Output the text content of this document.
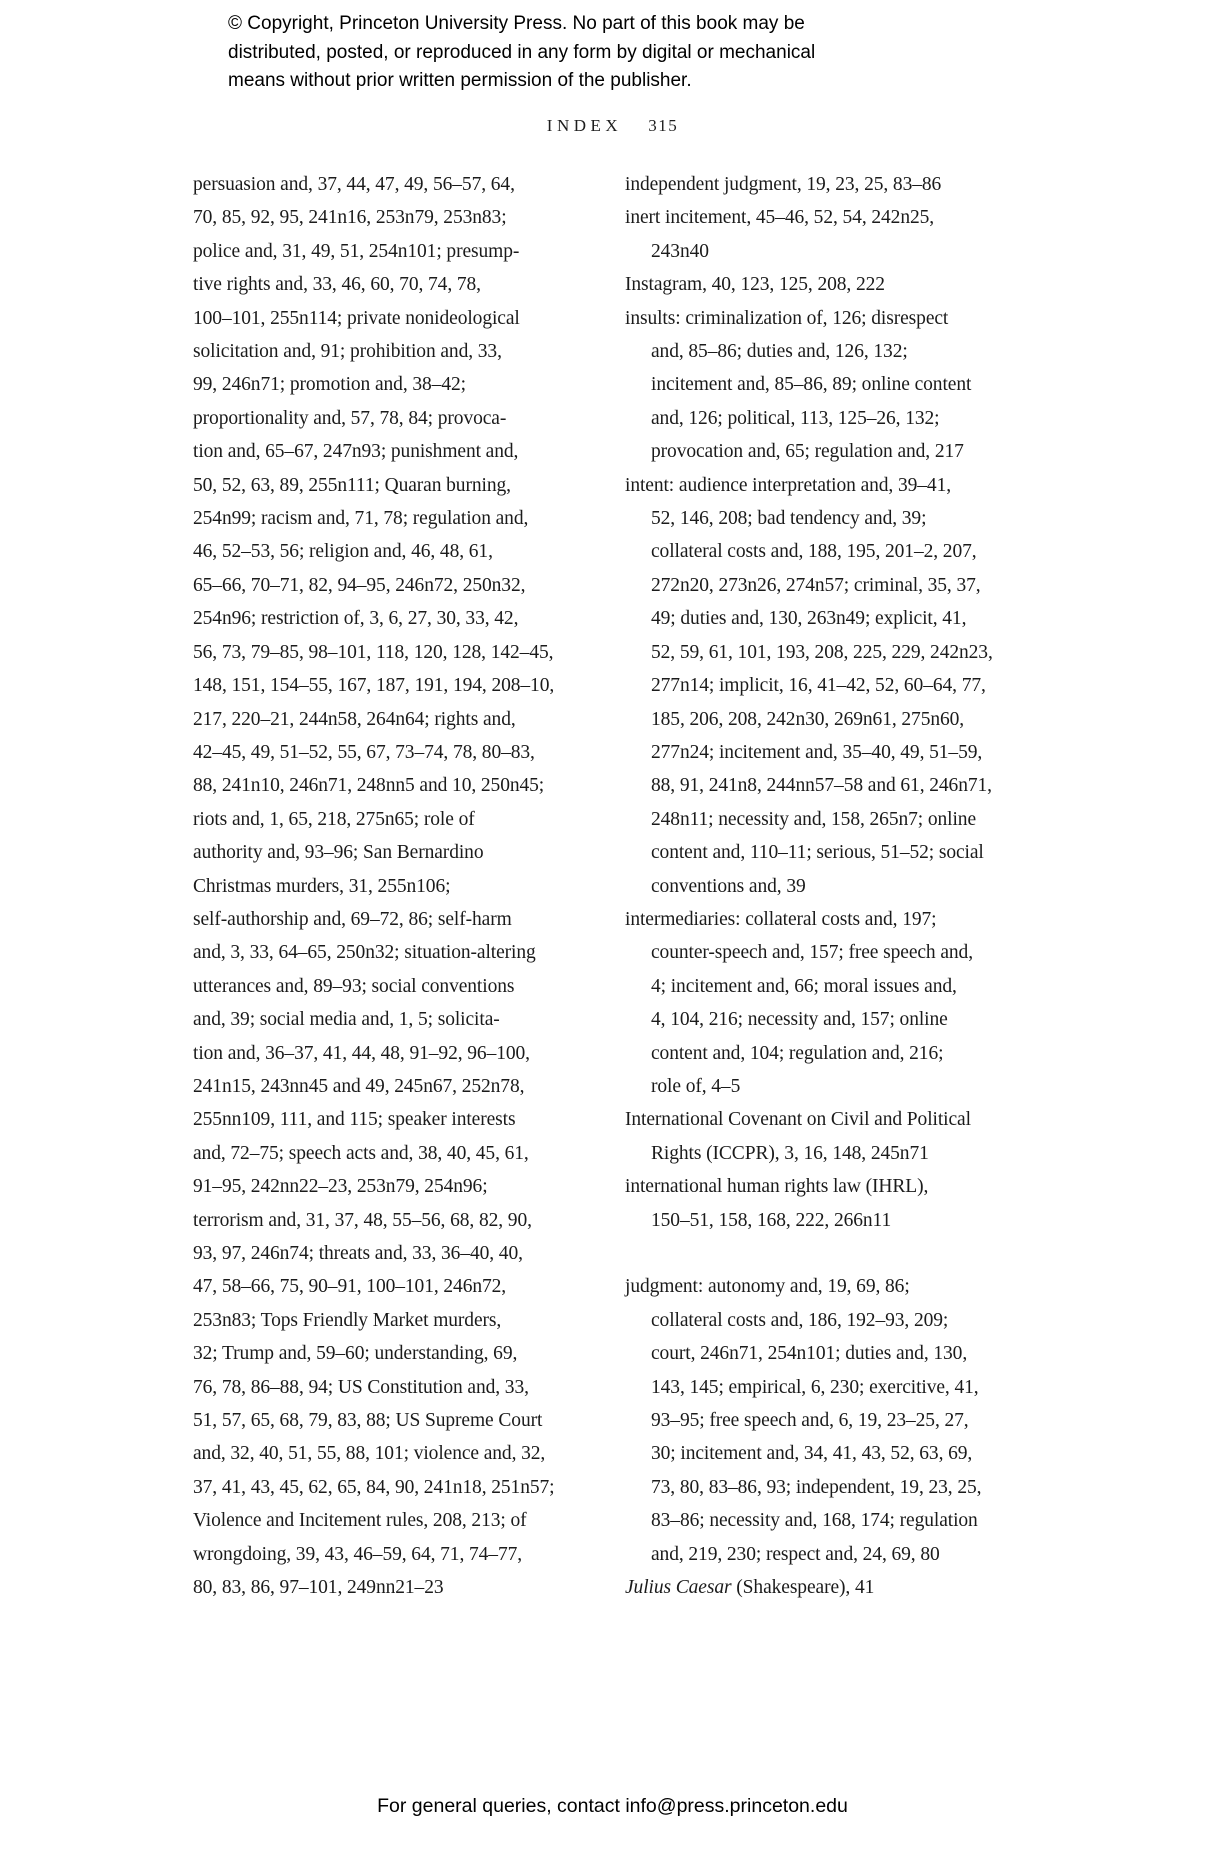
© Copyright, Princeton University Press. No part of this book may be
distributed, posted, or reproduced in any form by digital or mechanical
means without prior written permission of the publisher.
INDEX 315
persuasion and, 37, 44, 47, 49, 56–57, 64,
70, 85, 92, 95, 241n16, 253n79, 253n83;
police and, 31, 49, 51, 254n101; presump-
tive rights and, 33, 46, 60, 70, 74, 78,
100–101, 255n114; private nonideological
solicitation and, 91; prohibition and, 33,
99, 246n71; promotion and, 38–42;
proportionality and, 57, 78, 84; provoca-
tion and, 65–67, 247n93; punishment and,
50, 52, 63, 89, 255n111; Quaran burning,
254n99; racism and, 71, 78; regulation and,
46, 52–53, 56; religion and, 46, 48, 61,
65–66, 70–71, 82, 94–95, 246n72, 250n32,
254n96; restriction of, 3, 6, 27, 30, 33, 42,
56, 73, 79–85, 98–101, 118, 120, 128, 142–45,
148, 151, 154–55, 167, 187, 191, 194, 208–10,
217, 220–21, 244n58, 264n64; rights and,
42–45, 49, 51–52, 55, 67, 73–74, 78, 80–83,
88, 241n10, 246n71, 248nn5 and 10, 250n45;
riots and, 1, 65, 218, 275n65; role of
authority and, 93–96; San Bernardino
Christmas murders, 31, 255n106;
self-authorship and, 69–72, 86; self-harm
and, 3, 33, 64–65, 250n32; situation-altering
utterances and, 89–93; social conventions
and, 39; social media and, 1, 5; solicita-
tion and, 36–37, 41, 44, 48, 91–92, 96–100,
241n15, 243nn45 and 49, 245n67, 252n78,
255nn109, 111, and 115; speaker interests
and, 72–75; speech acts and, 38, 40, 45, 61,
91–95, 242nn22–23, 253n79, 254n96;
terrorism and, 31, 37, 48, 55–56, 68, 82, 90,
93, 97, 246n74; threats and, 33, 36–40, 40,
47, 58–66, 75, 90–91, 100–101, 246n72,
253n83; Tops Friendly Market murders,
32; Trump and, 59–60; understanding, 69,
76, 78, 86–88, 94; US Constitution and, 33,
51, 57, 65, 68, 79, 83, 88; US Supreme Court
and, 32, 40, 51, 55, 88, 101; violence and, 32,
37, 41, 43, 45, 62, 65, 84, 90, 241n18, 251n57;
Violence and Incitement rules, 208, 213; of
wrongdoing, 39, 43, 46–59, 64, 71, 74–77,
80, 83, 86, 97–101, 249nn21–23
independent judgment, 19, 23, 25, 83–86
inert incitement, 45–46, 52, 54, 242n25,
243n40
Instagram, 40, 123, 125, 208, 222
insults: criminalization of, 126; disrespect
and, 85–86; duties and, 126, 132;
incitement and, 85–86, 89; online content
and, 126; political, 113, 125–26, 132;
provocation and, 65; regulation and, 217
intent: audience interpretation and, 39–41,
52, 146, 208; bad tendency and, 39;
collateral costs and, 188, 195, 201–2, 207,
272n20, 273n26, 274n57; criminal, 35, 37,
49; duties and, 130, 263n49; explicit, 41,
52, 59, 61, 101, 193, 208, 225, 229, 242n23,
277n14; implicit, 16, 41–42, 52, 60–64, 77,
185, 206, 208, 242n30, 269n61, 275n60,
277n24; incitement and, 35–40, 49, 51–59,
88, 91, 241n8, 244nn57–58 and 61, 246n71,
248n11; necessity and, 158, 265n7; online
content and, 110–11; serious, 51–52; social
conventions and, 39
intermediaries: collateral costs and, 197;
counter-speech and, 157; free speech and,
4; incitement and, 66; moral issues and,
4, 104, 216; necessity and, 157; online
content and, 104; regulation and, 216;
role of, 4–5
International Covenant on Civil and Political
Rights (ICCPR), 3, 16, 148, 245n71
international human rights law (IHRL),
150–51, 158, 168, 222, 266n11
judgment: autonomy and, 19, 69, 86;
collateral costs and, 186, 192–93, 209;
court, 246n71, 254n101; duties and, 130,
143, 145; empirical, 6, 230; exercitive, 41,
93–95; free speech and, 6, 19, 23–25, 27,
30; incitement and, 34, 41, 43, 52, 63, 69,
73, 80, 83–86, 93; independent, 19, 23, 25,
83–86; necessity and, 168, 174; regulation
and, 219, 230; respect and, 24, 69, 80
Julius Caesar (Shakespeare), 41
For general queries, contact info@press.princeton.edu
